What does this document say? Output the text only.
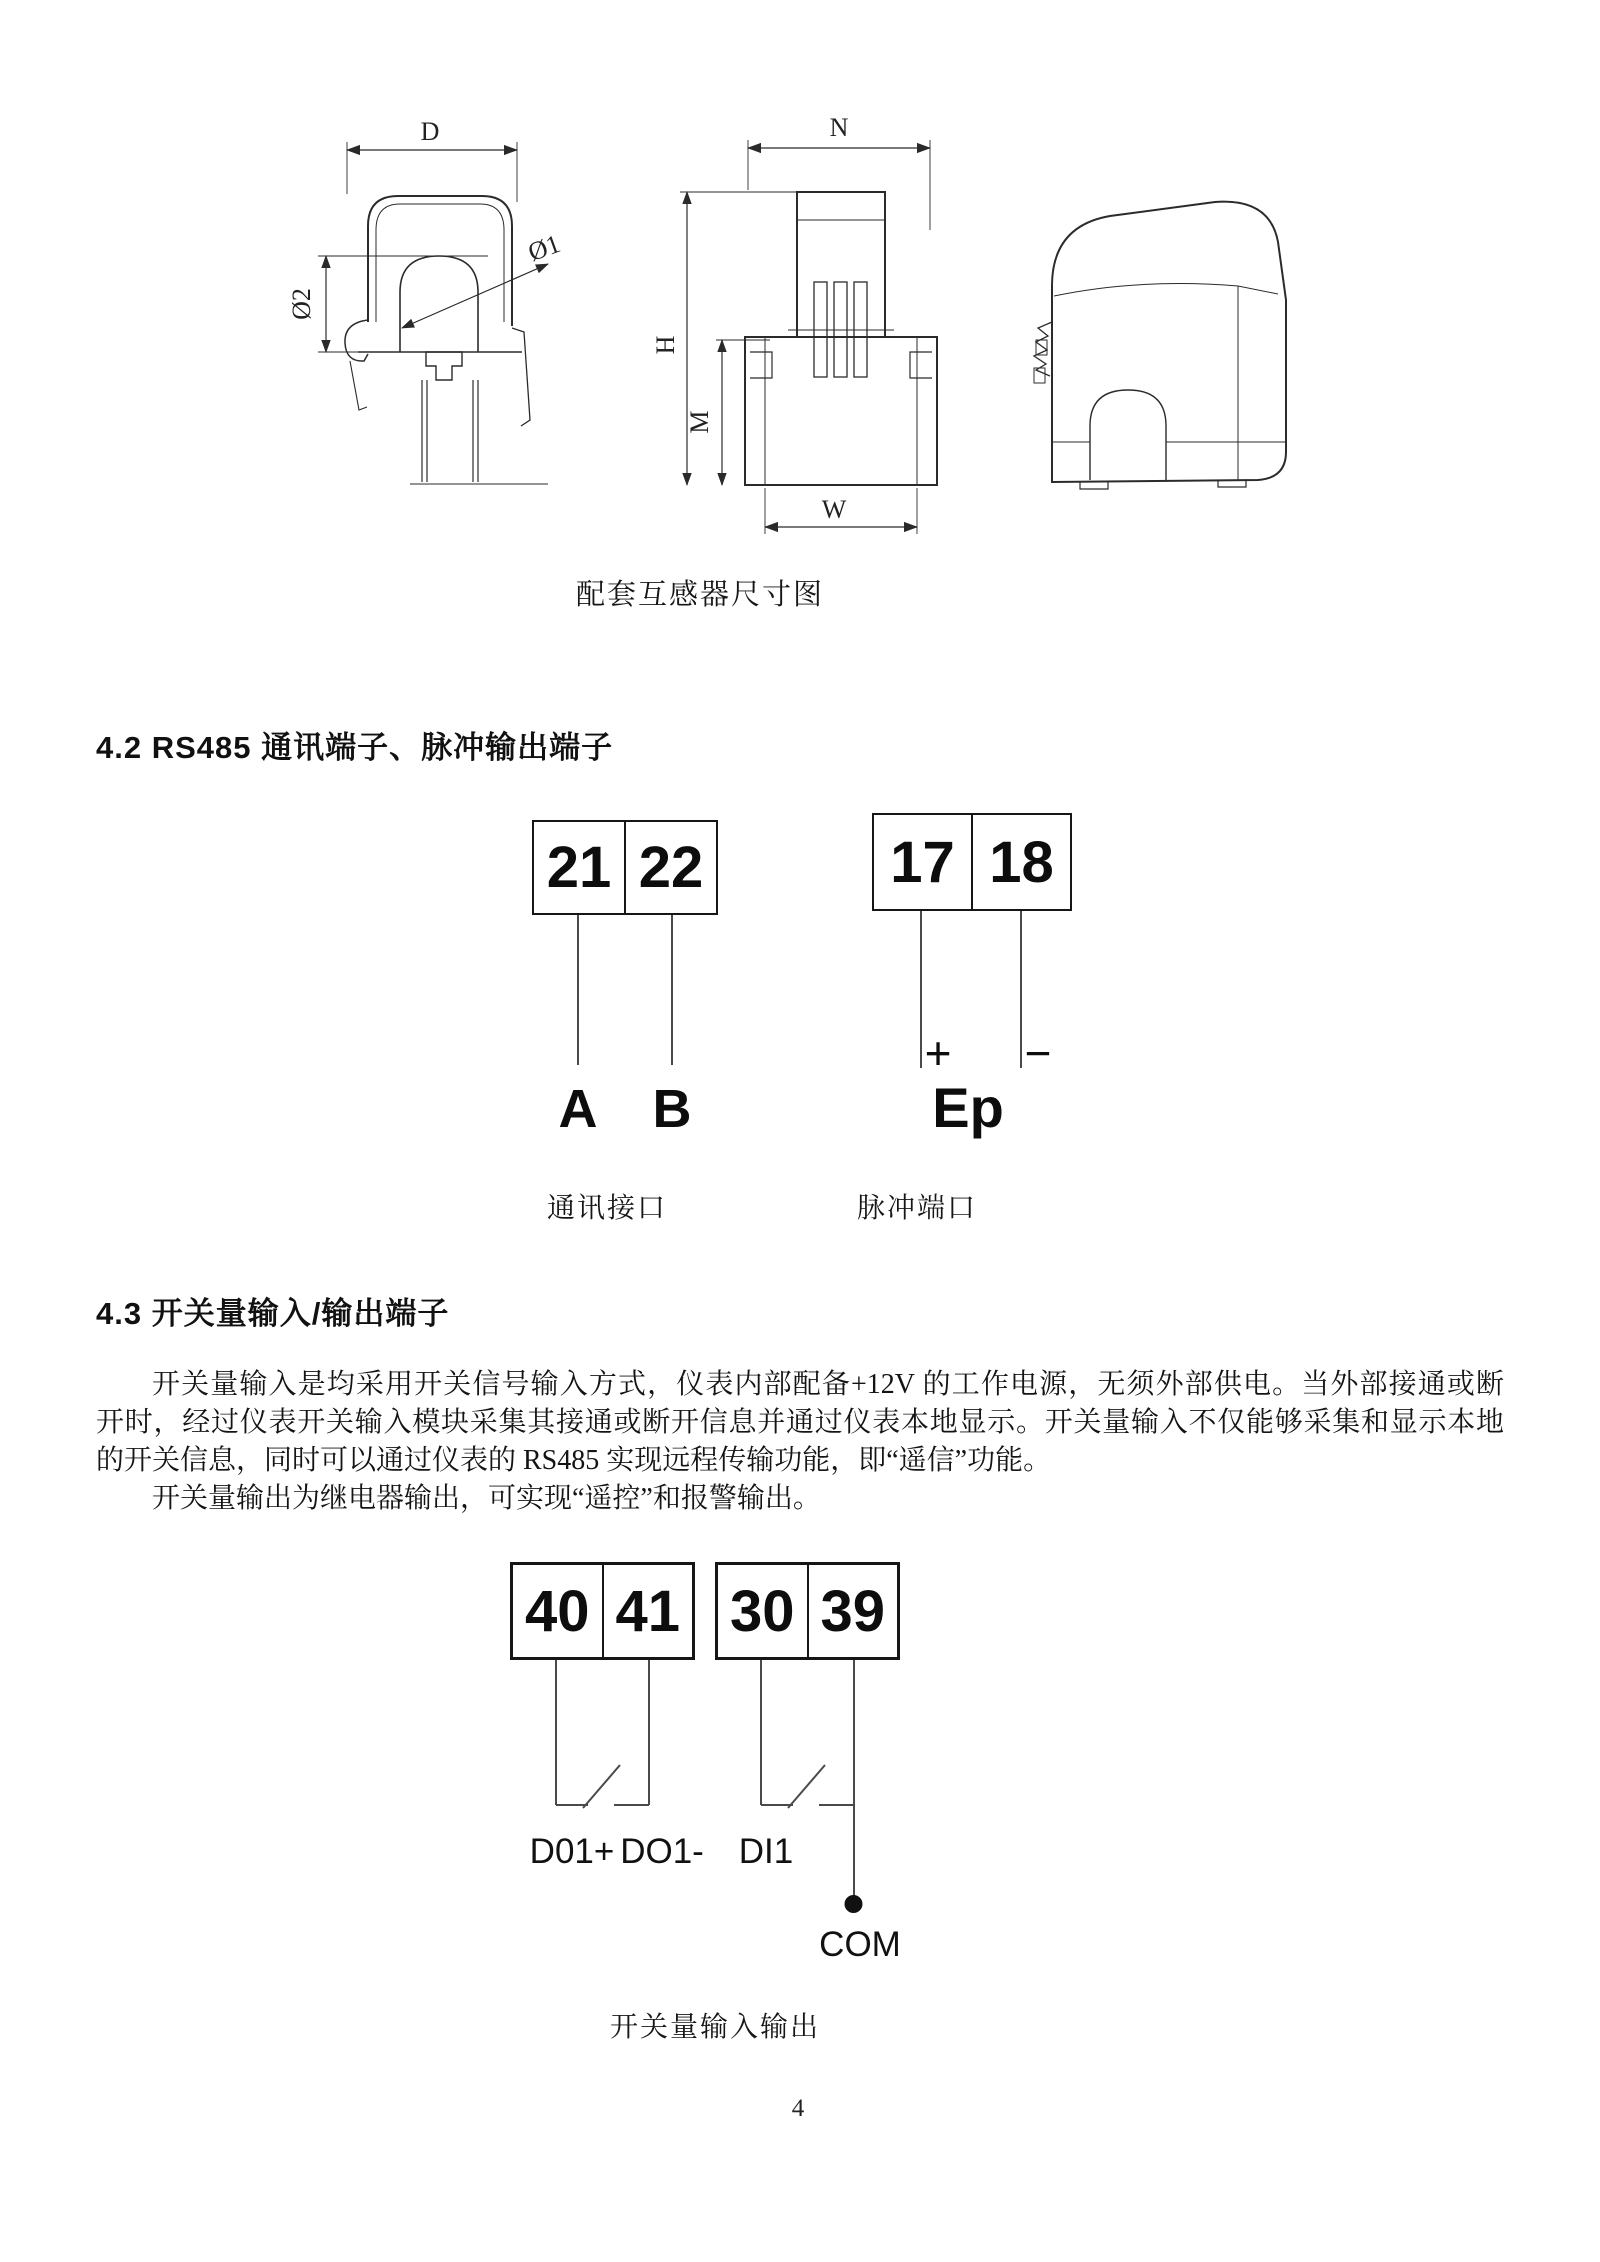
D
Ø2
Ø1
N
H
M
W
配套互感器尺寸图
4.2 RS485 通讯端子、脉冲输出端子
21 22
A	B
通讯接口
17 18
+	−
Ep
脉冲端口
4.3 开关量输入/输出端子
开关量输入是均采用开关信号输入方式，仪表内部配备+12V 的工作电源，无须外部供电。当外部接通或断
开时，经过仪表开关输入模块采集其接通或断开信息并通过仪表本地显示。开关量输入不仅能够采集和显示本地
的开关信息，同时可以通过仪表的 RS485 实现远程传输功能，即“遥信”功能。
开关量输出为继电器输出，可实现“遥控”和报警输出。
40 41 30 39
D01+ DO1- DI1
COM
开关量输入输出
4
